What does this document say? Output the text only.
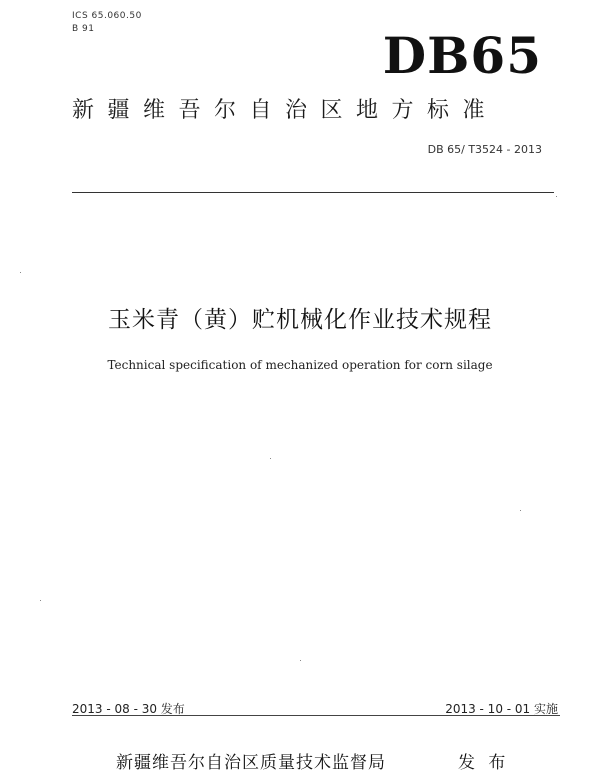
ICS 65.060.50
B 91	DB65
新疆维吾尔自治区地方标准
DB 65/ T3524 - 2013
玉米青（黄）贮机械化作业技术规程
Technical specification of mechanized operation for corn silage
2013 - 08 - 30 发布	2013 - 10 - 01 实施
新疆维吾尔自治区质量技术监督局	发 布
